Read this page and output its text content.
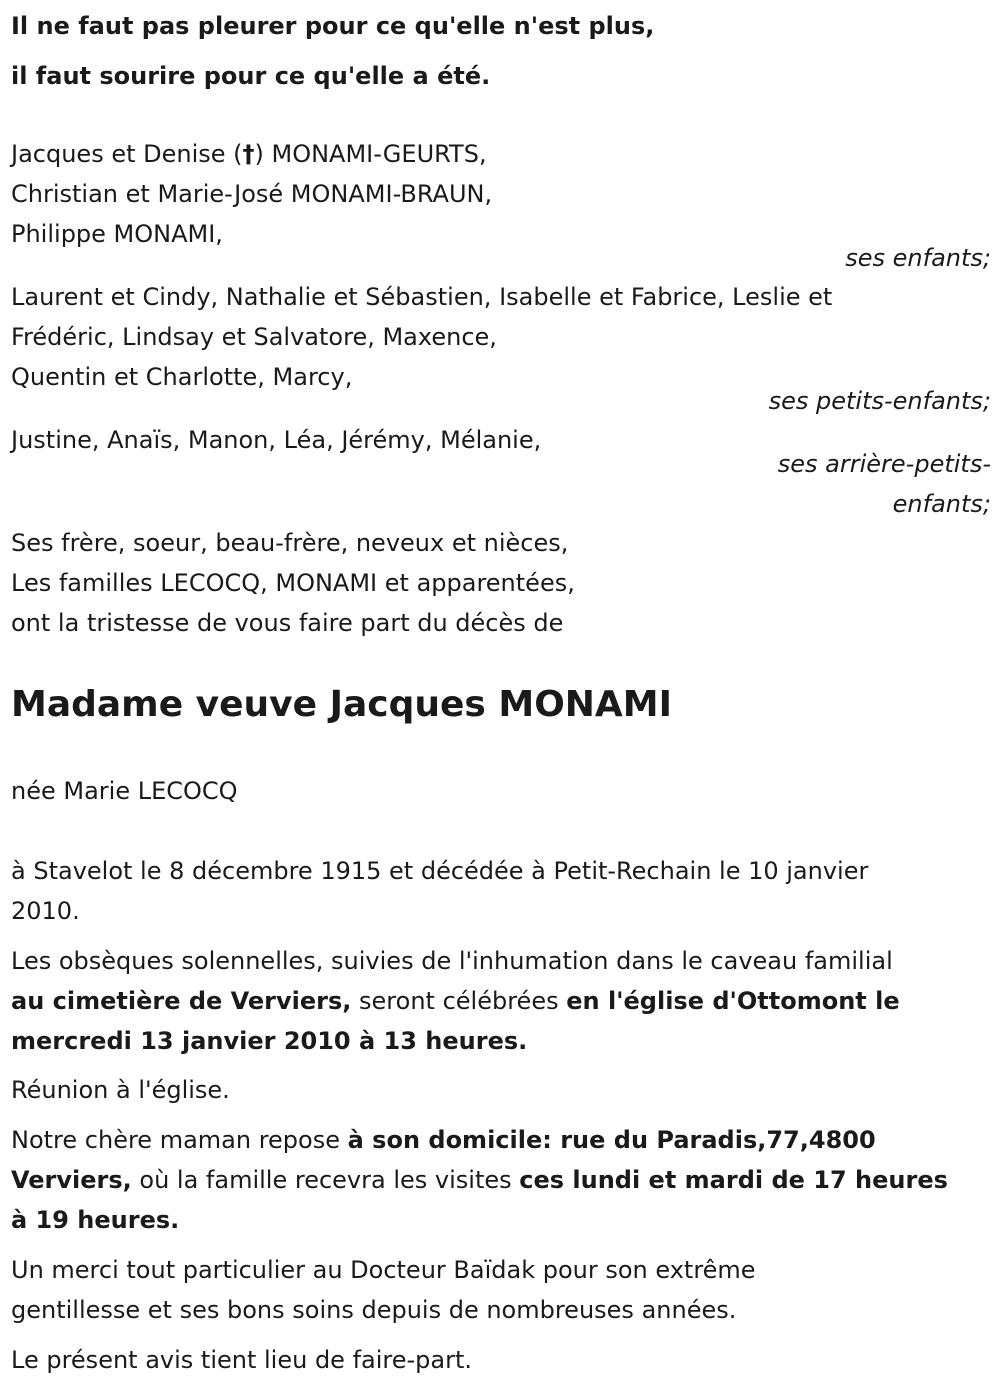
Il ne faut pas pleurer pour ce qu'elle n'est plus,
il faut sourire pour ce qu'elle a été.
Jacques et Denise (†) MONAMI-GEURTS,
Christian et Marie-José MONAMI-BRAUN,
Philippe MONAMI,
ses enfants;
Laurent et Cindy, Nathalie et Sébastien, Isabelle et Fabrice, Leslie et
Frédéric, Lindsay et Salvatore, Maxence,
Quentin et Charlotte, Marcy,
ses petits-enfants;
Justine, Anaïs, Manon, Léa, Jérémy, Mélanie,
ses arrière-petits-
enfants;
Ses frère, soeur, beau-frère, neveux et nièces,
Les familles LECOCQ, MONAMI et apparentées,
ont la tristesse de vous faire part du décès de
Madame veuve Jacques MONAMI
née Marie LECOCQ
à Stavelot le 8 décembre 1915 et décédée à Petit-Rechain le 10 janvier
2010.
Les obsèques solennelles, suivies de l'inhumation dans le caveau familial
au cimetière de Verviers, seront célébrées en l'église d'Ottomont le
mercredi 13 janvier 2010 à 13 heures.
Réunion à l'église.
Notre chère maman repose à son domicile: rue du Paradis,77,4800
Verviers, où la famille recevra les visites ces lundi et mardi de 17 heures
à 19 heures.
Un merci tout particulier au Docteur Baïdak pour son extrême
gentillesse et ses bons soins depuis de nombreuses années.
Le présent avis tient lieu de faire-part.
